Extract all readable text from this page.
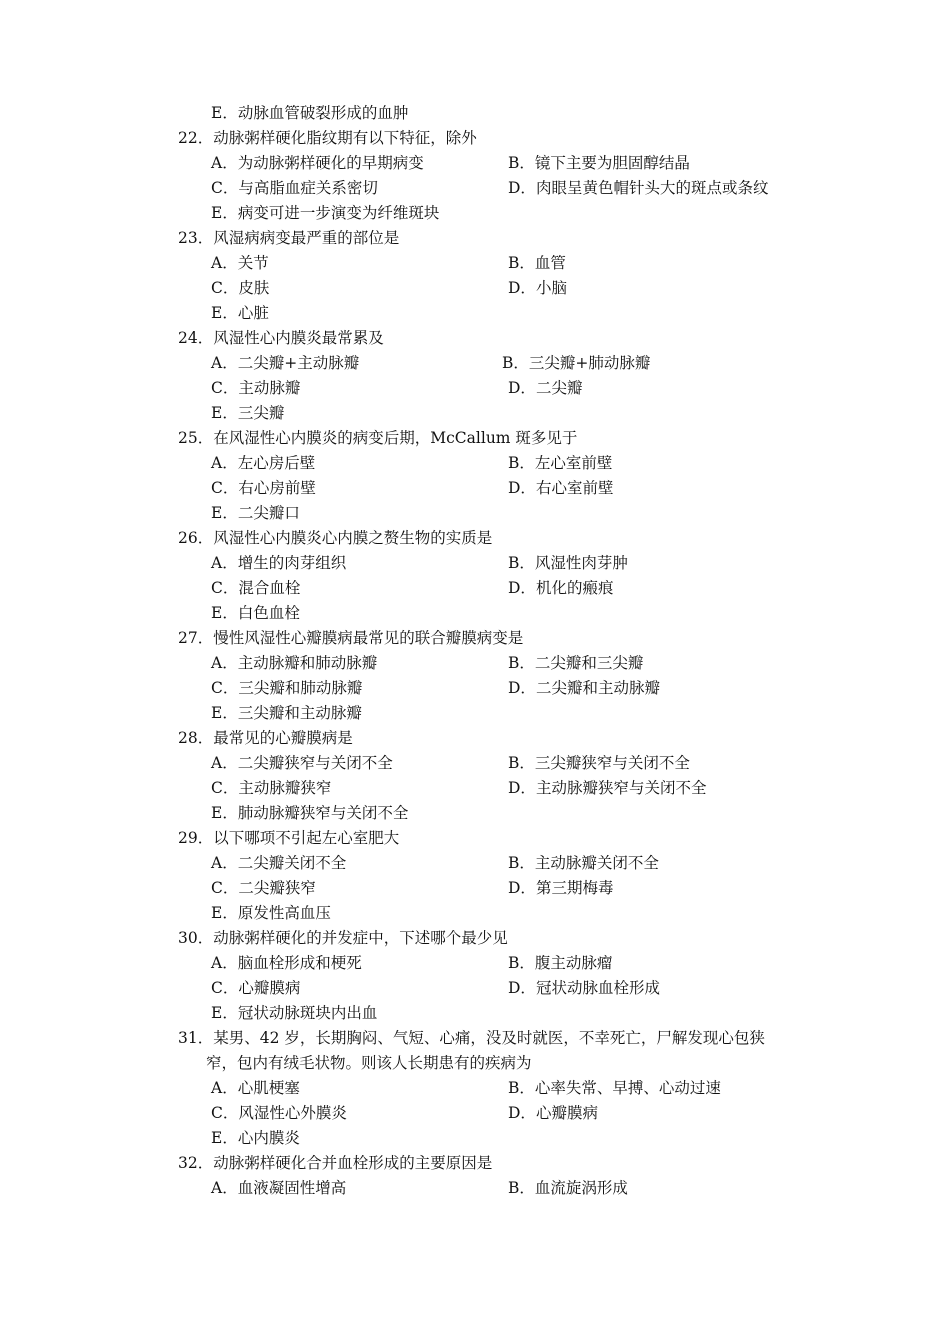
E．动脉血管破裂形成的血肿
22．动脉粥样硬化脂纹期有以下特征，除外
A．为动脉粥样硬化的早期病变	B．镜下主要为胆固醇结晶
C．与高脂血症关系密切	D．肉眼呈黄色帽针头大的斑点或条纹
E．病变可进一步演变为纤维斑块
23．风湿病病变最严重的部位是
A．关节	B．血管
C．皮肤	D．小脑
E．心脏
24．风湿性心内膜炎最常累及
A．二尖瓣+主动脉瓣	B．三尖瓣+肺动脉瓣
C．主动脉瓣	D．二尖瓣
E．三尖瓣
25．在风湿性心内膜炎的病变后期，McCallum 斑多见于
A．左心房后壁	B．左心室前壁
C．右心房前壁	D．右心室前壁
E．二尖瓣口
26．风湿性心内膜炎心内膜之赘生物的实质是
A．增生的肉芽组织	B．风湿性肉芽肿
C．混合血栓	D．机化的瘢痕
E．白色血栓
27．慢性风湿性心瓣膜病最常见的联合瓣膜病变是
A．主动脉瓣和肺动脉瓣	B．二尖瓣和三尖瓣
C．三尖瓣和肺动脉瓣	D．二尖瓣和主动脉瓣
E．三尖瓣和主动脉瓣
28．最常见的心瓣膜病是
A．二尖瓣狭窄与关闭不全	B．三尖瓣狭窄与关闭不全
C．主动脉瓣狭窄	D．主动脉瓣狭窄与关闭不全
E．肺动脉瓣狭窄与关闭不全
29．以下哪项不引起左心室肥大
A．二尖瓣关闭不全	B．主动脉瓣关闭不全
C．二尖瓣狭窄	D．第三期梅毒
E．原发性高血压
30．动脉粥样硬化的并发症中，下述哪个最少见
A．脑血栓形成和梗死	B．腹主动脉瘤
C．心瓣膜病	D．冠状动脉血栓形成
E．冠状动脉斑块内出血
31．某男、42 岁，长期胸闷、气短、心痛，没及时就医，不幸死亡，尸解发现心包狭
窄，包内有绒毛状物。则该人长期患有的疾病为
A．心肌梗塞	B．心率失常、早搏、心动过速
C．风湿性心外膜炎	D．心瓣膜病
E．心内膜炎
32．动脉粥样硬化合并血栓形成的主要原因是
A．血液凝固性增高	B．血流旋涡形成
